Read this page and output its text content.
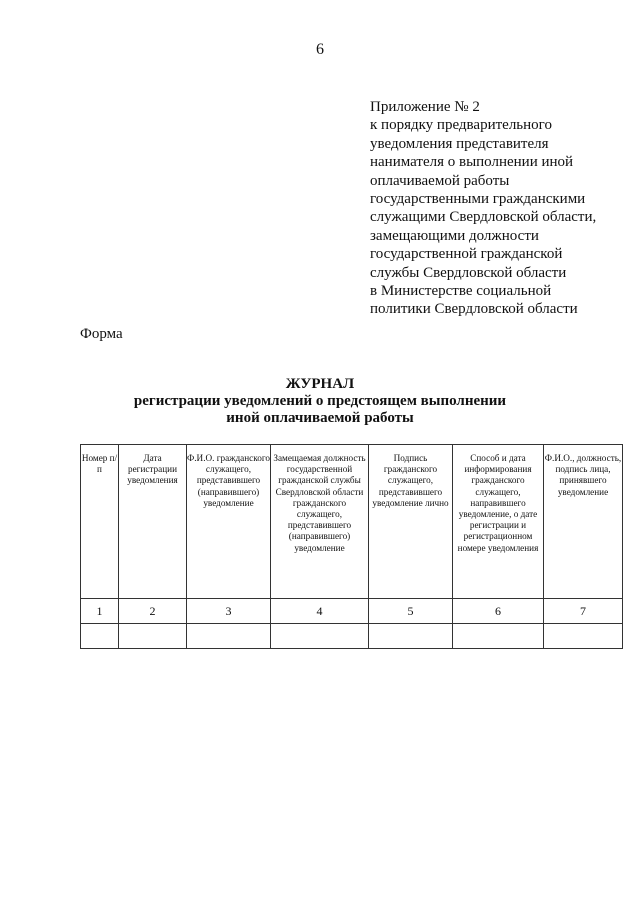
6
Приложение № 2
к порядку предварительного
уведомления представителя
нанимателя о выполнении иной
оплачиваемой работы
государственными гражданскими
служащими Свердловской области,
замещающими должности
государственной гражданской
службы Свердловской области
в Министерстве социальной
политики Свердловской области
Форма
ЖУРНАЛ
регистрации уведомлений о предстоящем выполнении
иной оплачиваемой работы
Номер п/п	Дата регистрации уведомления	Ф.И.О. гражданского служащего, представившего (направившего) уведомление	Замещаемая должность государственной гражданской службы Свердловской области гражданского служащего, представившего (направившего) уведомление	Подпись гражданского служащего, представившего уведомление лично	Способ и дата информирования гражданского служащего, направившего уведомление, о дате регистрации и регистрационном номере уведомления	Ф.И.О., должность, подпись лица, принявшего уведомление
1	2	3	4	5	6	7
